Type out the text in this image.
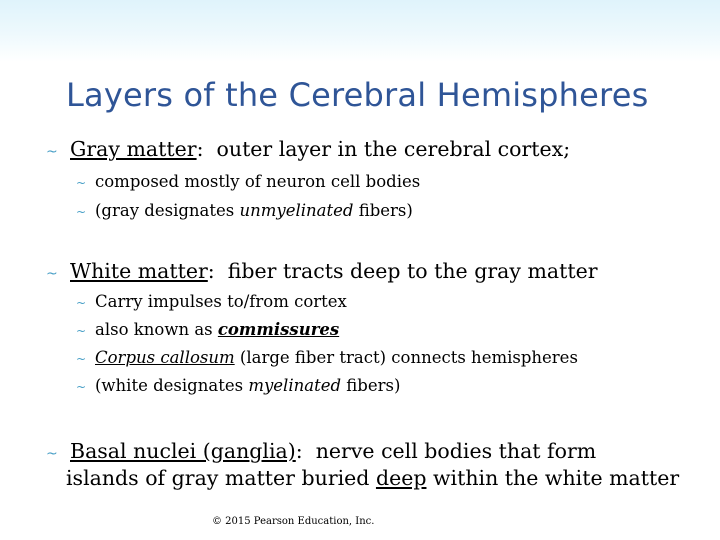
Layers of the Cerebral Hemispheres
~ Gray matter:  outer layer in the cerebral cortex;
~ composed mostly of neuron cell bodies
~ (gray designates unmyelinated fibers)
~ White matter:  fiber tracts deep to the gray matter
~ Carry impulses to/from cortex
~ also known as commissures
~ Corpus callosum (large fiber tract) connects hemispheres
~ (white designates myelinated fibers)
~ Basal nuclei (ganglia):  nerve cell bodies that form
islands of gray matter buried deep within the white matter
© 2015 Pearson Education, Inc.
